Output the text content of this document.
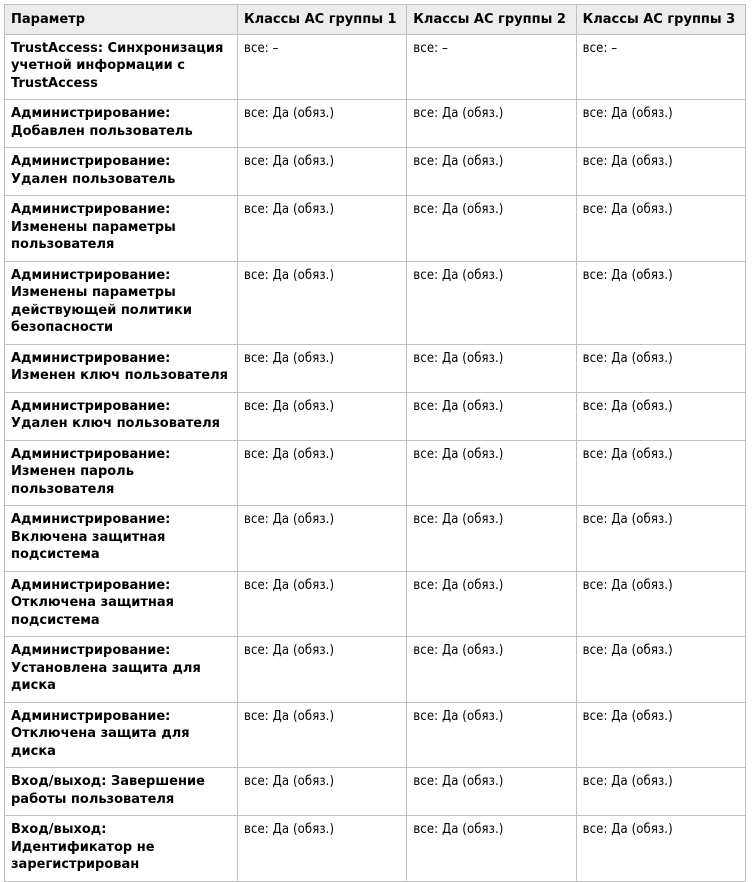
Параметр	Классы АС группы 1	Классы АС группы 2	Классы АС группы 3
TrustAccess: Синхронизация учетной информации с TrustAccess	все: –	все: –	все: –
Администрирование: Добавлен пользователь	все: Да (обяз.)	все: Да (обяз.)	все: Да (обяз.)
Администрирование: Удален пользователь	все: Да (обяз.)	все: Да (обяз.)	все: Да (обяз.)
Администрирование: Изменены параметры пользователя	все: Да (обяз.)	все: Да (обяз.)	все: Да (обяз.)
Администрирование: Изменены параметры действующей политики безопасности	все: Да (обяз.)	все: Да (обяз.)	все: Да (обяз.)
Администрирование: Изменен ключ пользователя	все: Да (обяз.)	все: Да (обяз.)	все: Да (обяз.)
Администрирование: Удален ключ пользователя	все: Да (обяз.)	все: Да (обяз.)	все: Да (обяз.)
Администрирование: Изменен пароль пользователя	все: Да (обяз.)	все: Да (обяз.)	все: Да (обяз.)
Администрирование: Включена защитная подсистема	все: Да (обяз.)	все: Да (обяз.)	все: Да (обяз.)
Администрирование: Отключена защитная подсистема	все: Да (обяз.)	все: Да (обяз.)	все: Да (обяз.)
Администрирование: Установлена защита для диска	все: Да (обяз.)	все: Да (обяз.)	все: Да (обяз.)
Администрирование: Отключена защита для диска	все: Да (обяз.)	все: Да (обяз.)	все: Да (обяз.)
Вход/выход: Завершение работы пользователя	все: Да (обяз.)	все: Да (обяз.)	все: Да (обяз.)
Вход/выход: Идентификатор не зарегистрирован	все: Да (обяз.)	все: Да (обяз.)	все: Да (обяз.)
